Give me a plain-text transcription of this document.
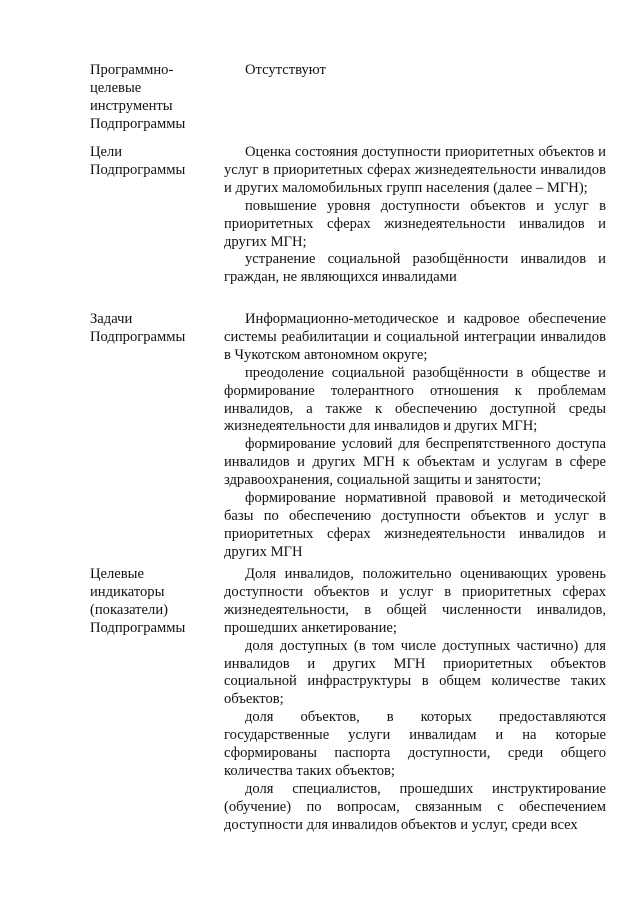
Программно-
целевые
инструменты
Подпрограммы

Отсутствуют

Цели
Подпрограммы

Оценка состояния доступности приоритетных объектов и услуг в приоритетных сферах жизнедеятельности инвалидов и других маломобильных групп населения (далее – МГН);

повышение уровня доступности объектов и услуг в приоритетных сферах жизнедеятельности инвалидов и других МГН;

устранение социальной разобщённости инвалидов и граждан, не являющихся инвалидами

Задачи
Подпрограммы

Информационно-методическое и кадровое обеспечение системы реабилитации и социальной интеграции инвалидов в Чукотском автономном округе;

преодоление социальной разобщённости в обществе и формирование толерантного отношения к проблемам инвалидов, а также к обеспечению доступной среды жизнедеятельности для инвалидов и других МГН;

формирование условий для беспрепятственного доступа инвалидов и других МГН к объектам и услугам в сфере здравоохранения, социальной защиты и занятости;

формирование нормативной правовой и методической базы по обеспечению доступности объектов и услуг в приоритетных сферах жизнедеятельности инвалидов и других МГН

Целевые
индикаторы
(показатели)
Подпрограммы

Доля инвалидов, положительно оценивающих уровень доступности объектов и услуг в приоритетных сферах жизнедеятельности, в общей численности инвалидов, прошедших анкетирование;

доля доступных (в том числе доступных частично) для инвалидов и других МГН приоритетных объектов социальной инфраструктуры в общем количестве таких объектов;

доля объектов, в которых предоставляются государственные услуги инвалидам и на которые сформированы паспорта доступности, среди общего количества таких объектов;

доля специалистов, прошедших инструктирование (обучение) по вопросам, связанным с обеспечением доступности для инвалидов объектов и услуг, среди всех
